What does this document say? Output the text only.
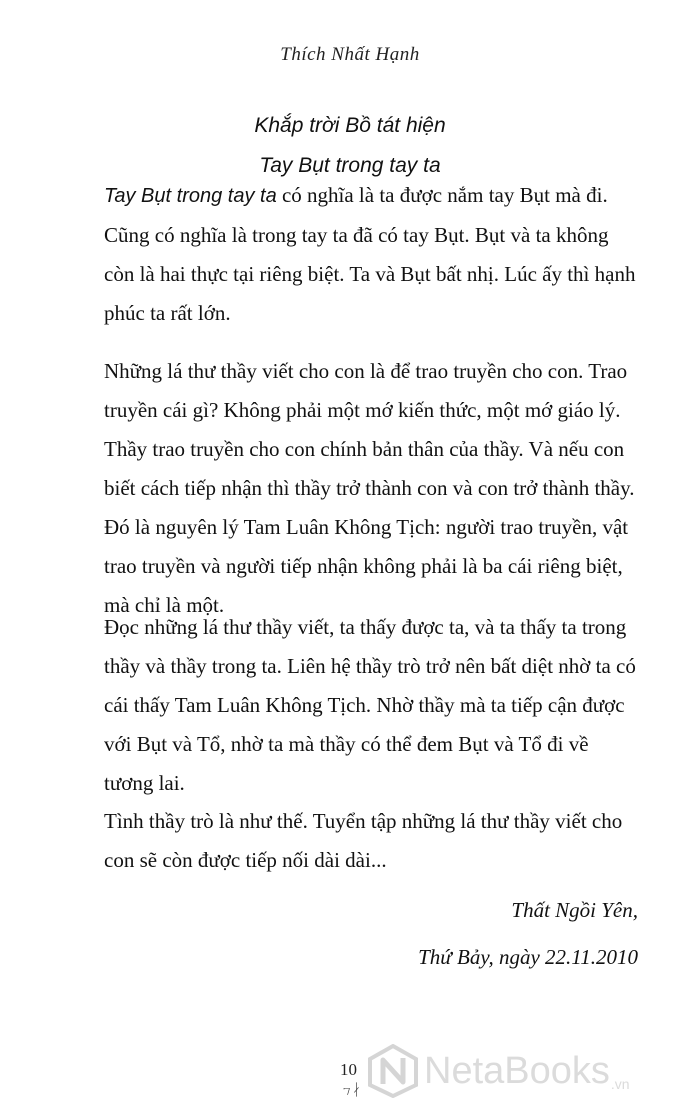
Thích Nhất Hạnh
Khắp trời Bồ tát hiện
Tay Bụt trong tay ta

Tay Bụt trong tay ta có nghĩa là ta được nắm tay Bụt mà đi. Cũng có nghĩa là trong tay ta đã có tay Bụt. Bụt và ta không còn là hai thực tại riêng biệt. Ta và Bụt bất nhị. Lúc ấy thì hạnh phúc ta rất lớn.

Những lá thư thầy viết cho con là để trao truyền cho con. Trao truyền cái gì? Không phải một mớ kiến thức, một mớ giáo lý. Thầy trao truyền cho con chính bản thân của thầy. Và nếu con biết cách tiếp nhận thì thầy trở thành con và con trở thành thầy. Đó là nguyên lý Tam Luân Không Tịch: người trao truyền, vật trao truyền và người tiếp nhận không phải là ba cái riêng biệt, mà chỉ là một.

Đọc những lá thư thầy viết, ta thấy được ta, và ta thấy ta trong thầy và thầy trong ta. Liên hệ thầy trò trở nên bất diệt nhờ ta có cái thấy Tam Luân Không Tịch. Nhờ thầy mà ta tiếp cận được với Bụt và Tổ, nhờ ta mà thầy có thể đem Bụt và Tổ đi về tương lai.

Tình thầy trò là như thế. Tuyển tập những lá thư thầy viết cho con sẽ còn được tiếp nối dài dài...

Thất Ngồi Yên,
Thứ Bảy, ngày 22.11.2010
10
⁊ᛅ NetaBooks .vn
